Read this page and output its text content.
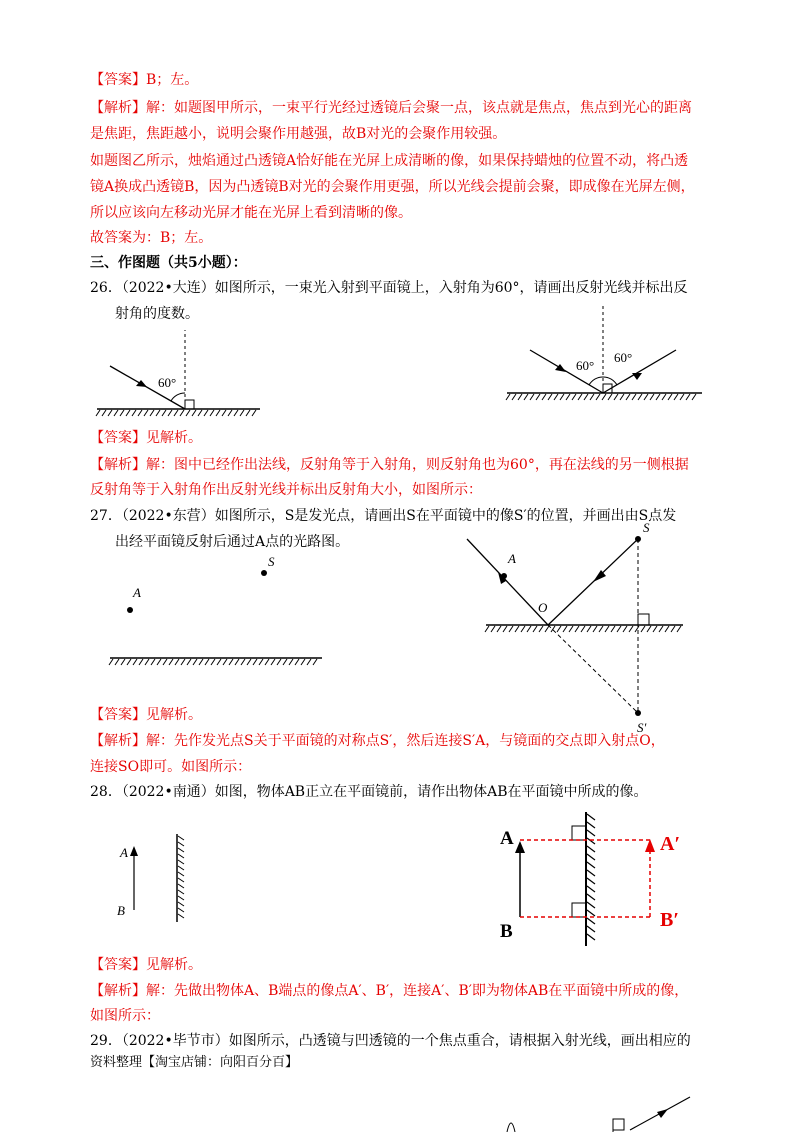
【答案】B；左。
【解析】解：如题图甲所示，一束平行光经过透镜后会聚一点，该点就是焦点，焦点到光心的距离
是焦距，焦距越小，说明会聚作用越强，故B对光的会聚作用较强。
如题图乙所示，烛焰通过凸透镜A恰好能在光屏上成清晰的像，如果保持蜡烛的位置不动，将凸透
镜A换成凸透镜B，因为凸透镜B对光的会聚作用更强，所以光线会提前会聚，即成像在光屏左侧，
所以应该向左移动光屏才能在光屏上看到清晰的像。
故答案为：B；左。
三、作图题（共5小题）：
26．（2022•大连）如图所示，一束光入射到平面镜上，入射角为60°，请画出反射光线并标出反
射角的度数。
60°
60°
60°
【答案】见解析。
【解析】解：图中已经作出法线，反射角等于入射角，则反射角也为60°，再在法线的另一侧根据
反射角等于入射角作出反射光线并标出反射角大小，如图所示：
27．（2022•东营）如图所示，S是发光点，请画出S在平面镜中的像S′的位置，并画出由S点发
出经平面镜反射后通过A点的光路图。
S
A
S
A
O
S′
【答案】见解析。
【解析】解：先作发光点S关于平面镜的对称点S′，然后连接S′A，与镜面的交点即入射点O，
连接SO即可。如图所示：
28．（2022•南通）如图，物体AB正立在平面镜前，请作出物体AB在平面镜中所成的像。
A
B
A
B
A′
B′
【答案】见解析。
【解析】解：先做出物体A、B端点的像点A′、B′，连接A′、B′即为物体AB在平面镜中所成的像，
如图所示：
29．（2022•毕节市）如图所示，凸透镜与凹透镜的一个焦点重合，请根据入射光线，画出相应的
资料整理【淘宝店铺：向阳百分百】
